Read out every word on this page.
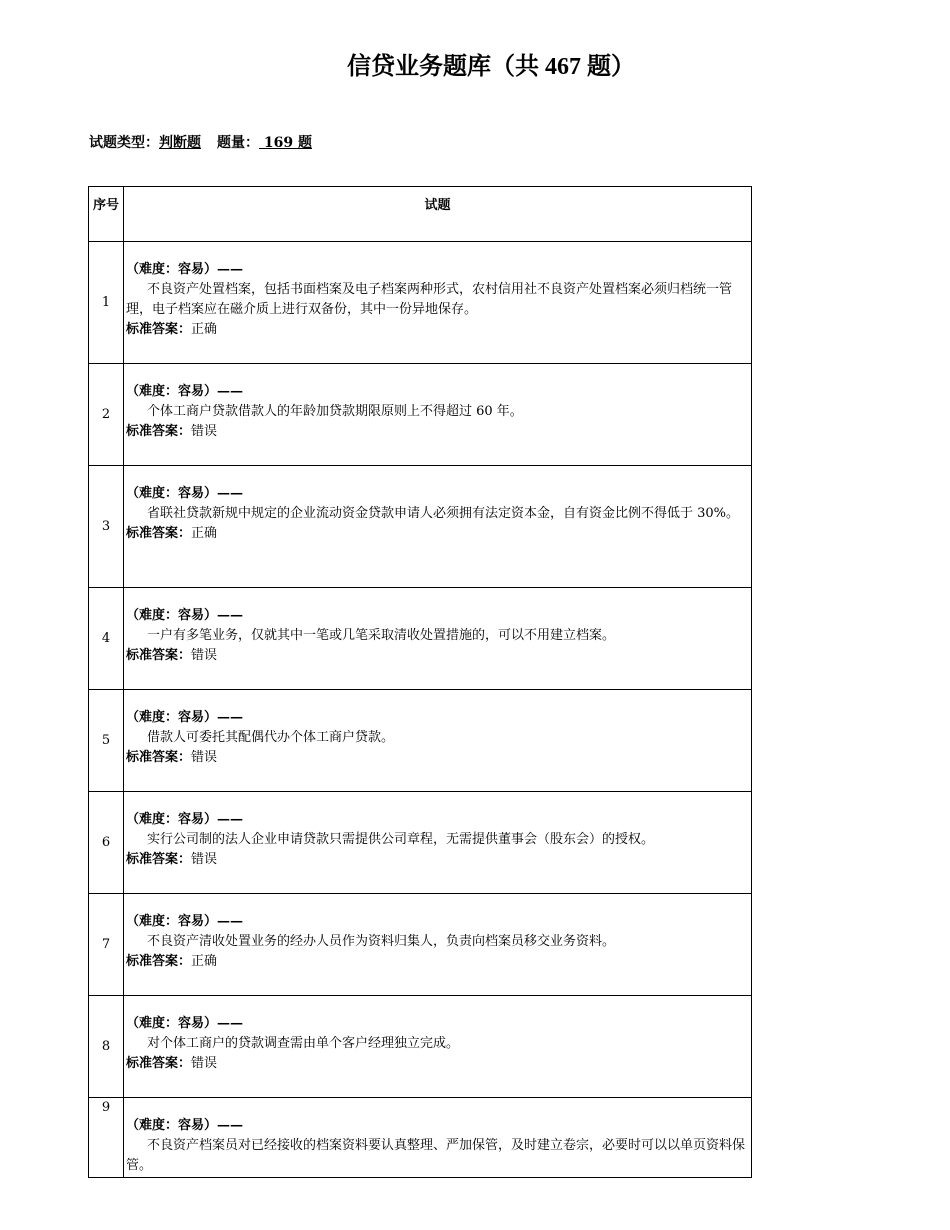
信贷业务题库（共 467 题）
试题类型：判断题 题量： 169 题
序号	试题
1	（难度：容易）——
不良资产处置档案，包括书面档案及电子档案两种形式，农村信用社不良资产处置档案必须归档统一管理，电子档案应在磁介质上进行双备份，其中一份异地保存。
标准答案：正确

2	（难度：容易）——
个体工商户贷款借款人的年龄加贷款期限原则上不得超过 60 年。
标准答案：错误

3	（难度：容易）——
省联社贷款新规中规定的企业流动资金贷款申请人必须拥有法定资本金，自有资金比例不得低于 30%。
标准答案：正确

4	（难度：容易）——
一户有多笔业务，仅就其中一笔或几笔采取清收处置措施的，可以不用建立档案。
标准答案：错误

5	（难度：容易）——
借款人可委托其配偶代办个体工商户贷款。
标准答案：错误

6	（难度：容易）——
实行公司制的法人企业申请贷款只需提供公司章程，无需提供董事会（股东会）的授权。
标准答案：错误

7	（难度：容易）——
不良资产清收处置业务的经办人员作为资料归集人，负责向档案员移交业务资料。
标准答案：正确

8	（难度：容易）——
对个体工商户的贷款调查需由单个客户经理独立完成。
标准答案：错误

9	（难度：容易）——
不良资产档案员对已经接收的档案资料要认真整理、严加保管，及时建立卷宗，必要时可以以单页资料保管。
